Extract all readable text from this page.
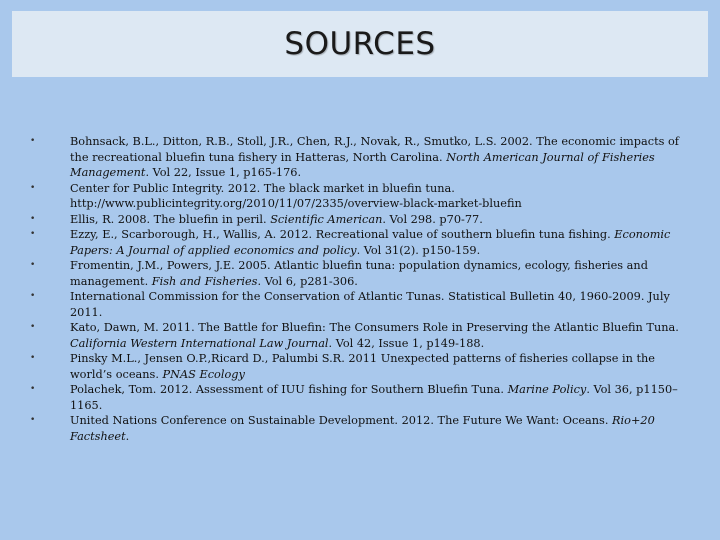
SOURCES
•	Bohnsack, B.L., Ditton, R.B., Stoll, J.R., Chen, R.J., Novak, R., Smutko, L.S. 2002. The economic impacts of the recreational bluefin tuna fishery in Hatteras, North Carolina. North American Journal of Fisheries Management. Vol 22, Issue 1, p165-176.
•	Center for Public Integrity. 2012. The black market in bluefin tuna. http://www.publicintegrity.org/2010/11/07/2335/overview-black-market-bluefin
•	Ellis, R. 2008. The bluefin in peril. Scientific American. Vol 298. p70-77.
•	Ezzy, E., Scarborough, H., Wallis, A. 2012. Recreational value of southern bluefin tuna fishing. Economic Papers: A Journal of applied economics and policy. Vol 31(2). p150-159.
•	Fromentin, J.M., Powers, J.E. 2005. Atlantic bluefin tuna: population dynamics, ecology, fisheries and management. Fish and Fisheries. Vol 6, p281-306.
•	International Commission for the Conservation of Atlantic Tunas. Statistical Bulletin 40, 1960-2009. July 2011.
•	Kato, Dawn, M. 2011. The Battle for Bluefin: The Consumers Role in Preserving the Atlantic Bluefin Tuna. California Western International Law Journal. Vol 42, Issue 1, p149-188.
•	Pinsky M.L., Jensen O.P.,Ricard D., Palumbi S.R. 2011 Unexpected patterns of fisheries collapse in the world’s oceans. PNAS Ecology
•	Polachek, Tom. 2012. Assessment of IUU fishing for Southern Bluefin Tuna. Marine Policy. Vol 36, p1150–1165.
•	United Nations Conference on Sustainable Development. 2012. The Future We Want: Oceans. Rio+20 Factsheet.
